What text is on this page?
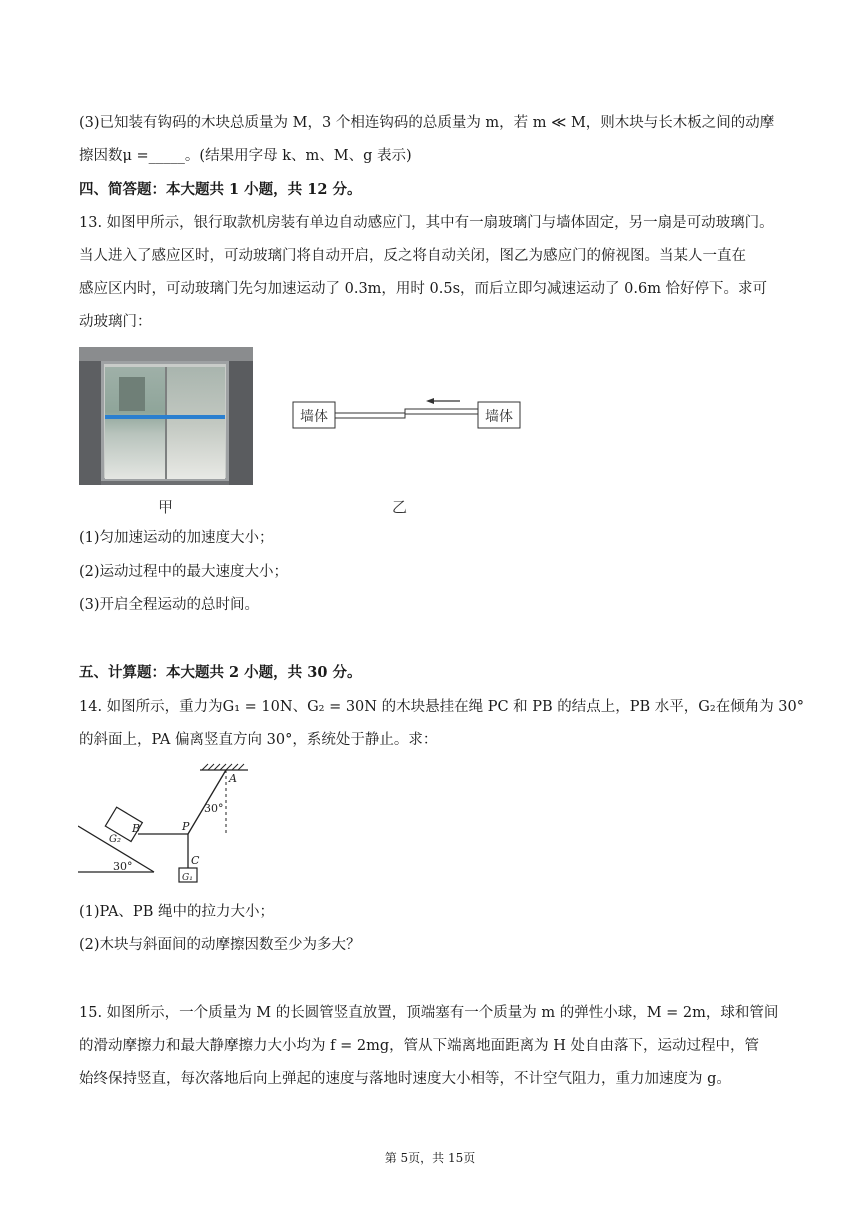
(3)已知装有钩码的木块总质量为 M，3 个相连钩码的总质量为 m，若 m ≪ M，则木块与长木板之间的动摩
擦因数μ =_____。(结果用字母 k、m、M、g 表示)
四、简答题：本大题共 1 小题，共 12 分。
13. 如图甲所示，银行取款机房装有单边自动感应门，其中有一扇玻璃门与墙体固定，另一扇是可动玻璃门。
当人进入了感应区时，可动玻璃门将自动开启，反之将自动关闭，图乙为感应门的俯视图。当某人一直在
感应区内时，可动玻璃门先匀加速运动了 0.3m，用时 0.5s，而后立即匀减速运动了 0.6m 恰好停下。求可
动玻璃门：
甲
墙体	墙体
乙
(1)匀加速运动的加速度大小；
(2)运动过程中的最大速度大小；
(3)开启全程运动的总时间。
五、计算题：本大题共 2 小题，共 30 分。
14. 如图所示，重力为G₁ = 10N、G₂ = 30N 的木块悬挂在绳 PC 和 PB 的结点上，PB 水平，G₂在倾角为 30°
的斜面上，PA 偏离竖直方向 30°，系统处于静止。求：
A
30°
B	P
C
G₂
G₁
30°
(1)PA、PB 绳中的拉力大小；
(2)木块与斜面间的动摩擦因数至少为多大？
15. 如图所示，一个质量为 M 的长圆管竖直放置，顶端塞有一个质量为 m 的弹性小球，M = 2m，球和管间
的滑动摩擦力和最大静摩擦力大小均为 f = 2mg，管从下端离地面距离为 H 处自由落下，运动过程中，管
始终保持竖直，每次落地后向上弹起的速度与落地时速度大小相等，不计空气阻力，重力加速度为 g。
第 5页，共 15页
